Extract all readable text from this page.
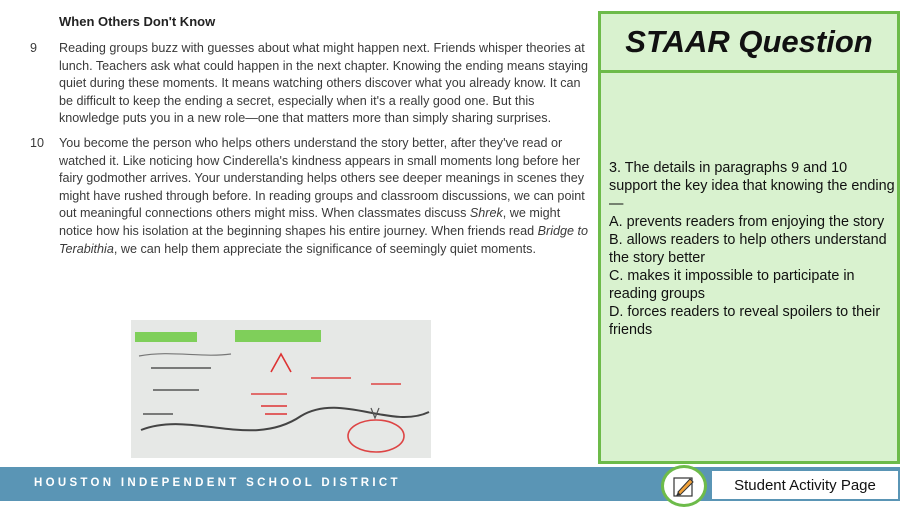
When Others Don't Know
9	Reading groups buzz with guesses about what might happen next. Friends whisper theories at lunch. Teachers ask what could happen in the next chapter. Knowing the ending means staying quiet during these moments. It means watching others discover what you already know. It can be difficult to keep the ending a secret, especially when it's a really good one. But this knowledge puts you in a new role—one that matters more than simply sharing surprises.
10	You become the person who helps others understand the story better, after they've read or watched it. Like noticing how Cinderella's kindness appears in small moments long before her fairy godmother arrives. Your understanding helps others see deeper meanings in scenes they might have rushed through before. In reading groups and classroom discussions, we can point out meaningful connections others might miss. When classmates discuss Shrek, we might notice how his isolation at the beginning shapes his entire journey. When friends read Bridge to Terabithia, we can help them appreciate the significance of seemingly quiet moments.
STAAR Question
3. The details in paragraphs 9 and 10 support the key idea that knowing the ending —
A. prevents readers from enjoying the story
B. allows readers to help others understand the story better
C. makes it impossible to participate in reading groups
D. forces readers to reveal spoilers to their friends
HOUSTON INDEPENDENT SCHOOL DISTRICT	Student Activity Page
